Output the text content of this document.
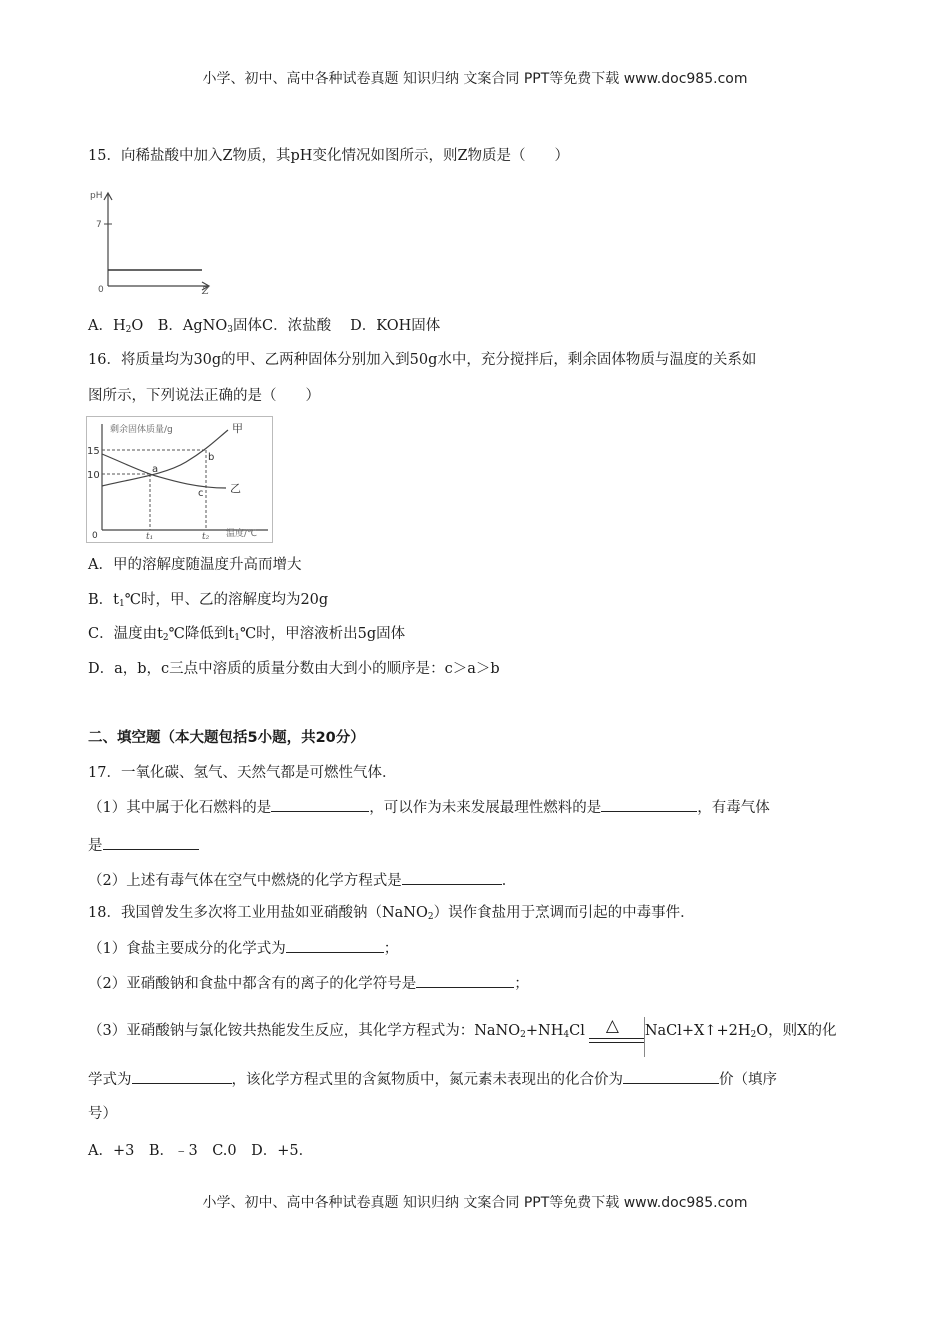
小学、初中、高中各种试卷真题 知识归纳 文案合同 PPT等免费下载 www.doc985.com
15．向稀盐酸中加入Z物质，其pH变化情况如图所示，则Z物质是（　　）
pH
7
0	Z
A．$H_2O$　B．AgNO$_3$固体C．浓盐酸　 D．KOH固体
16．将质量均为30g的甲、乙两种固体分别加入到50g水中，充分搅拌后，剩余固体物质与温度的关系如
图所示，下列说法正确的是（　　）
剩余固体质量/g
15
10
0	t₁	t₂ 温度/℃
甲
乙
a
b
c
A．甲的溶解度随温度升高而增大
B．$t_1℃$时，甲、乙的溶解度均为20g
C．温度由$t_2℃$降低到$t_1℃$时，甲溶液析出5g固体
D．a，b，c三点中溶质的质量分数由大到小的顺序是：c＞a＞b
二、填空题（本大题包括5小题，共20分）
17．一氧化碳、氢气、天然气都是可燃性气体．
（1）其中属于化石燃料的是	，可以作为未来发展最理性燃料的是	，有毒气体
是
（2）上述有毒气体在空气中燃烧的化学方程式是	．
18．我国曾发生多次将工业用盐如亚硝酸钠（NaNO$_2$）误作食盐用于烹调而引起的中毒事件．
（1）食盐主要成分的化学式为	；
（2）亚硝酸钠和食盐中都含有的离子的化学符号是	；
（3）亚硝酸钠与氯化铵共热能发生反应，其化学方程式为：$NaNO_2+NH_4Cl$ △ $NaCl+X↑+2H_2O$，则X的化
学式为	，该化学方程式里的含氮物质中，氮元素未表现出的化合价为	价（填序
号）
A．+3　B．﹣3　C.0　D．+5．
小学、初中、高中各种试卷真题 知识归纳 文案合同 PPT等免费下载 www.doc985.com
